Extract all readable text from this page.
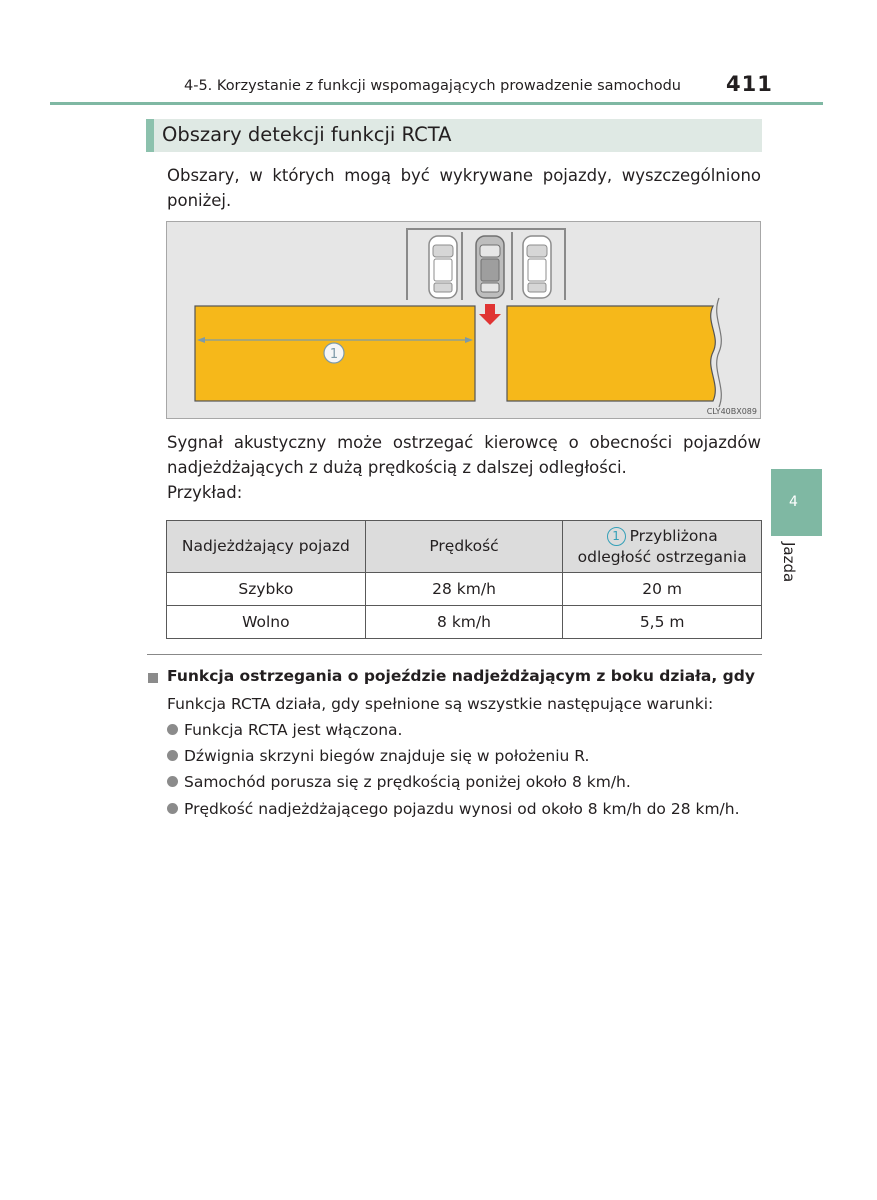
4-5. Korzystanie z funkcji wspomagających prowadzenie samochodu 411
Obszary detekcji funkcji RCTA
Obszary, w których mogą być wykrywane pojazdy, wyszczególniono poniżej.
1
CLY40BX089
Sygnał akustyczny może ostrzegać kierowcę o obecności pojazdów nadjeżdżających z dużą prędkością z dalszej odległości.
Przykład:
Nadjeżdżający pojazd	Prędkość	1 Przybliżona
odległość ostrzegania
Szybko	28 km/h	20 m
Wolno	8 km/h	5,5 m
Funkcja ostrzegania o pojeździe nadjeżdżającym z boku działa, gdy
Funkcja RCTA działa, gdy spełnione są wszystkie następujące warunki:
Funkcja RCTA jest włączona.
Dźwignia skrzyni biegów znajduje się w położeniu R.
Samochód porusza się z prędkością poniżej około 8 km/h.
Prędkość nadjeżdżającego pojazdu wynosi od około 8 km/h do 28 km/h.
4
Jazda
